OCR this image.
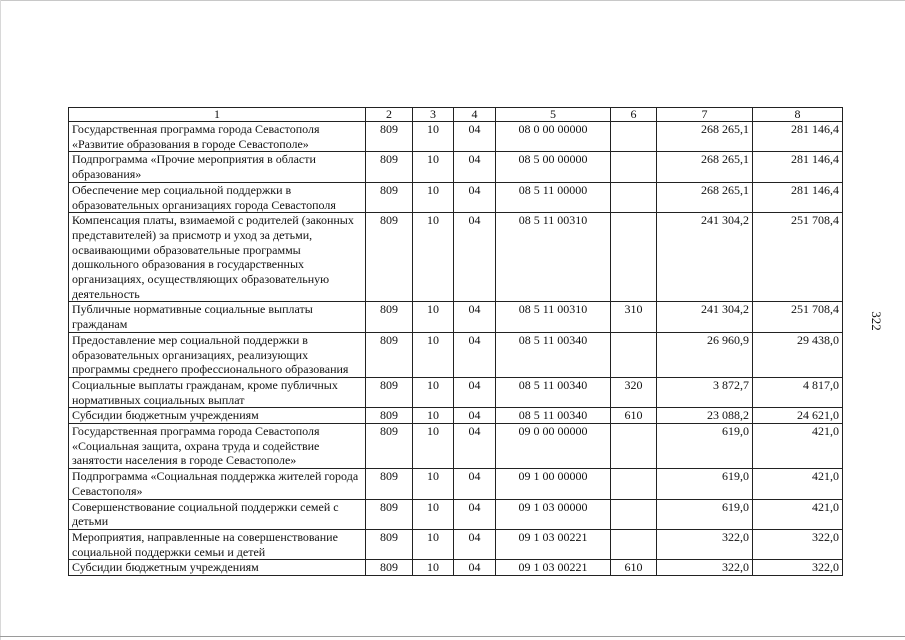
1	2	3	4	5	6	7	8
Государственная программа города Севастополя «Развитие образования в городе Севастополе»	809	10	04	08 0 00 00000		268 265,1	281 146,4
Подпрограмма «Прочие мероприятия в области образования»	809	10	04	08 5 00 00000		268 265,1	281 146,4
Обеспечение мер социальной поддержки в образовательных организациях города Севастополя	809	10	04	08 5 11 00000		268 265,1	281 146,4
Компенсация платы, взимаемой с родителей (законных представителей) за присмотр и уход за детьми, осваивающими образовательные программы дошкольного образования в государственных организациях, осуществляющих образовательную деятельность	809	10	04	08 5 11 00310		241 304,2	251 708,4
Публичные нормативные социальные выплаты гражданам	809	10	04	08 5 11 00310	310	241 304,2	251 708,4
Предоставление мер социальной поддержки в образовательных организациях, реализующих программы среднего профессионального образования	809	10	04	08 5 11 00340		26 960,9	29 438,0
Социальные выплаты гражданам, кроме публичных нормативных социальных выплат	809	10	04	08 5 11 00340	320	3 872,7	4 817,0
Субсидии бюджетным учреждениям	809	10	04	08 5 11 00340	610	23 088,2	24 621,0
Государственная программа города Севастополя «Социальная защита, охрана труда и содействие занятости населения в городе Севастополе»	809	10	04	09 0 00 00000		619,0	421,0
Подпрограмма «Социальная поддержка жителей города Севастополя»	809	10	04	09 1 00 00000		619,0	421,0
Совершенствование социальной поддержки семей с детьми	809	10	04	09 1 03 00000		619,0	421,0
Мероприятия, направленные на совершенствование социальной поддержки семьи и детей	809	10	04	09 1 03 00221		322,0	322,0
Субсидии бюджетным учреждениям	809	10	04	09 1 03 00221	610	322,0	322,0
322
